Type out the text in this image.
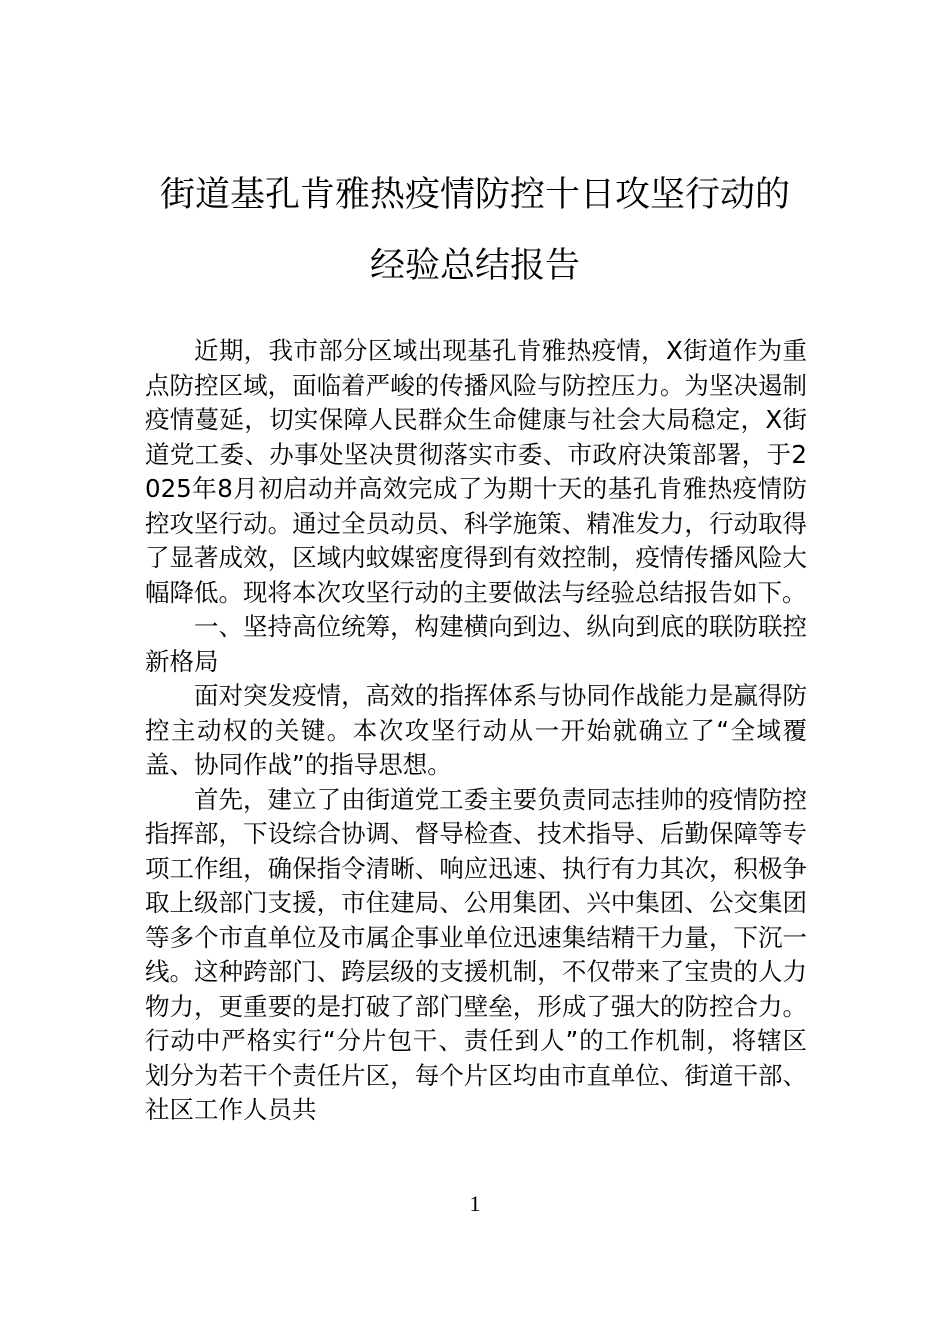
街道基孔肯雅热疫情防控十日攻坚行动的
经验总结报告

近期，我市部分区域出现基孔肯雅热疫情，X街道作为重点防控区域，面临着严峻的传播风险与防控压力。为坚决遏制疫情蔓延，切实保障人民群众生命健康与社会大局稳定，X街道党工委、办事处坚决贯彻落实市委、市政府决策部署，于2025年8月初启动并高效完成了为期十天的基孔肯雅热疫情防控攻坚行动。通过全员动员、科学施策、精准发力，行动取得了显著成效，区域内蚊媒密度得到有效控制，疫情传播风险大幅降低。现将本次攻坚行动的主要做法与经验总结报告如下。

一、坚持高位统筹，构建横向到边、纵向到底的联防联控新格局

面对突发疫情，高效的指挥体系与协同作战能力是赢得防控主动权的关键。本次攻坚行动从一开始就确立了“全域覆盖、协同作战”的指导思想。

首先，建立了由街道党工委主要负责同志挂帅的疫情防控指挥部，下设综合协调、督导检查、技术指导、后勤保障等专项工作组，确保指令清晰、响应迅速、执行有力其次，积极争取上级部门支援，市住建局、公用集团、兴中集团、公交集团等多个市直单位及市属企事业单位迅速集结精干力量，下沉一线。这种跨部门、跨层级的支援机制，不仅带来了宝贵的人力物力，更重要的是打破了部门壁垒，形成了强大的防控合力。行动中严格实行“分片包干、责任到人”的工作机制，将辖区划分为若干个责任片区，每个片区均由市直单位、街道干部、社区工作人员共

1
